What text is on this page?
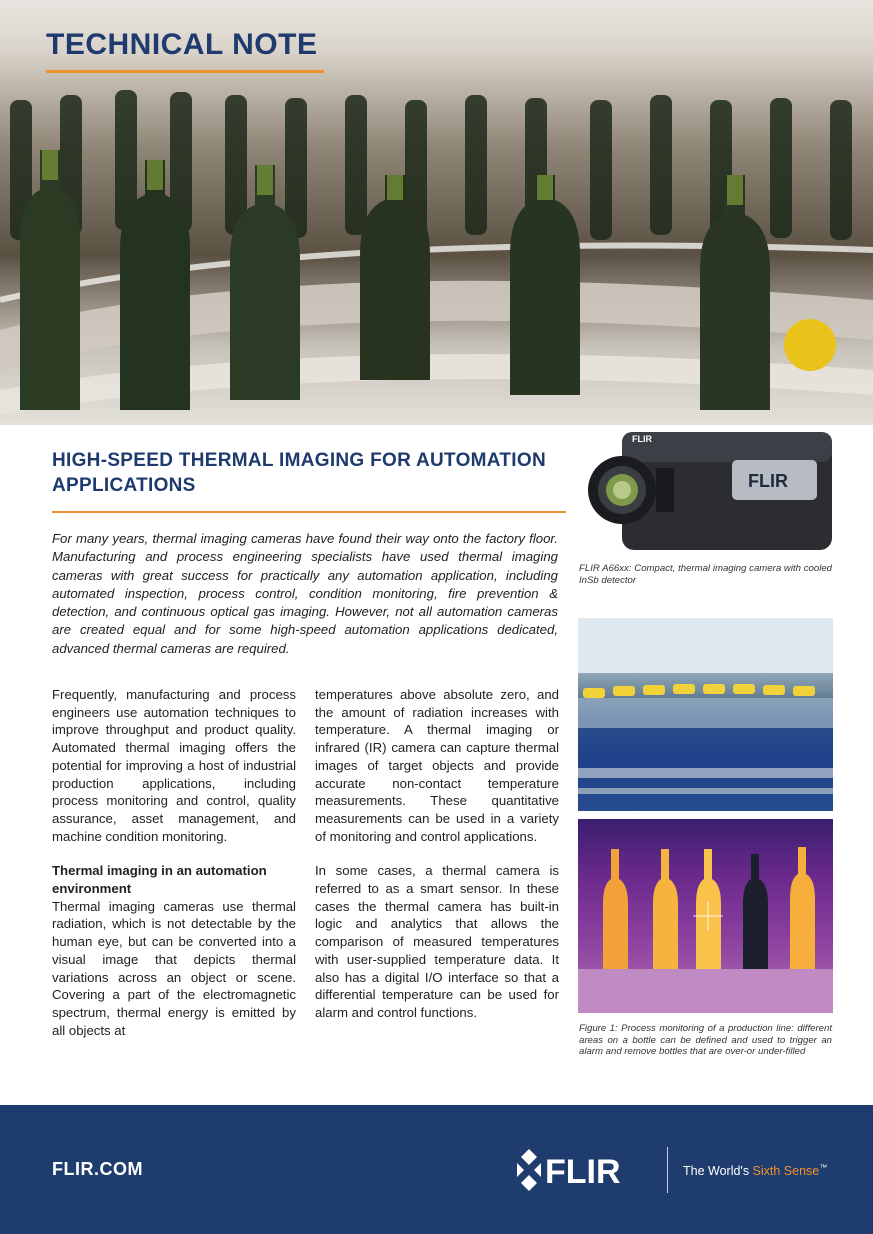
TECHNICAL NOTE
FLIR
FLIR
HIGH-SPEED THERMAL IMAGING FOR AUTOMATION APPLICATIONS
FLIR A66xx: Compact, thermal imaging camera with cooled InSb detector
For many years, thermal imaging cameras have found their way onto the factory floor. Manufacturing and process engineering specialists have used thermal imaging cameras with great success for practically any automation application, including automated inspection, process control, condition monitoring, fire prevention & detection, and continuous optical gas imaging. However, not all automation cameras are created equal and for some high-speed automation applications dedicated, advanced thermal cameras are required.

Frequently, manufacturing and process engineers use automation techniques to improve throughput and product quality. Automated thermal imaging offers the potential for improving a host of industrial production applications, including process monitoring and control, quality assurance, asset management, and machine condition monitoring.

Thermal imaging in an automation environment

Thermal imaging cameras use thermal radiation, which is not detectable by the human eye, but can be converted into a visual image that depicts thermal variations across an object or scene. Covering a part of the electromagnetic spectrum, thermal energy is emitted by all objects at

temperatures above absolute zero, and the amount of radiation increases with temperature. A thermal imaging or infrared (IR) camera can capture thermal images of target objects and provide accurate non-contact temperature measurements. These quantitative measurements can be used in a variety of monitoring and control applications.

In some cases, a thermal camera is referred to as a smart sensor. In these cases the thermal camera has built-in logic and analytics that allows the comparison of measured temperatures with user-supplied temperature data. It also has a digital I/O interface so that a differential temperature can be used for alarm and control functions.

Figure 1: Process monitoring of a production line: different areas on a bottle can be defined and used to trigger an alarm and remove bottles that are over-or under-filled
FLIR.COM	FLIR	The World's Sixth Sense™
